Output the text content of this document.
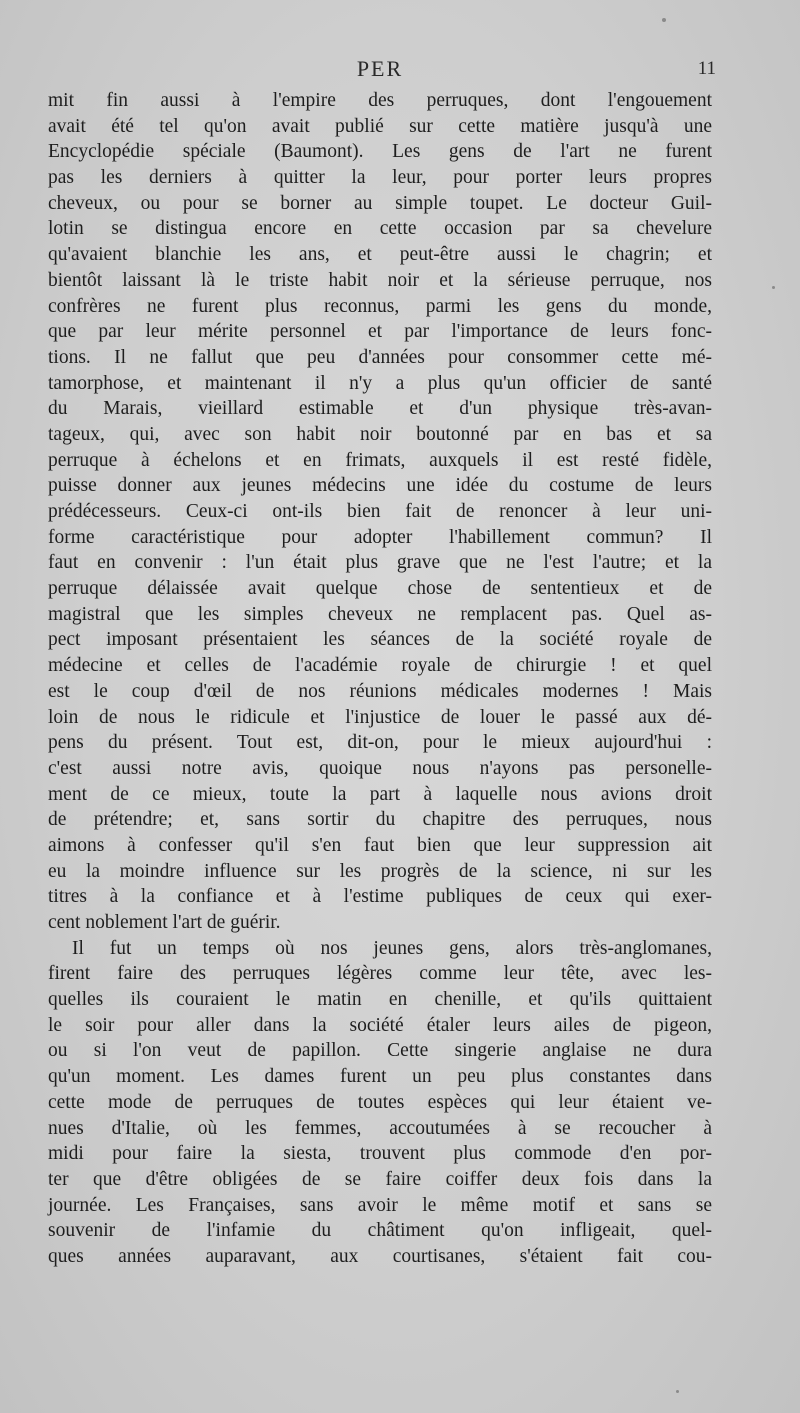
PER	11
mit fin aussi à l'empire des perruques, dont l'engouement
avait été tel qu'on avait publié sur cette matière jusqu'à une
Encyclopédie spéciale (Baumont). Les gens de l'art ne furent
pas les derniers à quitter la leur, pour porter leurs propres
cheveux, ou pour se borner au simple toupet. Le docteur Guil-
lotin se distingua encore en cette occasion par sa chevelure
qu'avaient blanchie les ans, et peut-être aussi le chagrin; et
bientôt laissant là le triste habit noir et la sérieuse perruque, nos
confrères ne furent plus reconnus, parmi les gens du monde,
que par leur mérite personnel et par l'importance de leurs fonc-
tions. Il ne fallut que peu d'années pour consommer cette mé-
tamorphose, et maintenant il n'y a plus qu'un officier de santé
du Marais, vieillard estimable et d'un physique très-avan-
tageux, qui, avec son habit noir boutonné par en bas et sa
perruque à échelons et en frimats, auxquels il est resté fidèle,
puisse donner aux jeunes médecins une idée du costume de leurs
prédécesseurs. Ceux-ci ont-ils bien fait de renoncer à leur uni-
forme caractéristique pour adopter l'habillement commun? Il
faut en convenir : l'un était plus grave que ne l'est l'autre; et la
perruque délaissée avait quelque chose de sententieux et de
magistral que les simples cheveux ne remplacent pas. Quel as-
pect imposant présentaient les séances de la société royale de
médecine et celles de l'académie royale de chirurgie ! et quel
est le coup d'œil de nos réunions médicales modernes ! Mais
loin de nous le ridicule et l'injustice de louer le passé aux dé-
pens du présent. Tout est, dit-on, pour le mieux aujourd'hui :
c'est aussi notre avis, quoique nous n'ayons pas personelle-
ment de ce mieux, toute la part à laquelle nous avions droit
de prétendre; et, sans sortir du chapitre des perruques, nous
aimons à confesser qu'il s'en faut bien que leur suppression ait
eu la moindre influence sur les progrès de la science, ni sur les
titres à la confiance et à l'estime publiques de ceux qui exer-
cent noblement l'art de guérir.
Il fut un temps où nos jeunes gens, alors très-anglomanes,
firent faire des perruques légères comme leur tête, avec les-
quelles ils couraient le matin en chenille, et qu'ils quittaient
le soir pour aller dans la société étaler leurs ailes de pigeon,
ou si l'on veut de papillon. Cette singerie anglaise ne dura
qu'un moment. Les dames furent un peu plus constantes dans
cette mode de perruques de toutes espèces qui leur étaient ve-
nues d'Italie, où les femmes, accoutumées à se recoucher à
midi pour faire la siesta, trouvent plus commode d'en por-
ter que d'être obligées de se faire coiffer deux fois dans la
journée. Les Françaises, sans avoir le même motif et sans se
souvenir de l'infamie du châtiment qu'on infligeait, quel-
ques années auparavant, aux courtisanes, s'étaient fait cou-
